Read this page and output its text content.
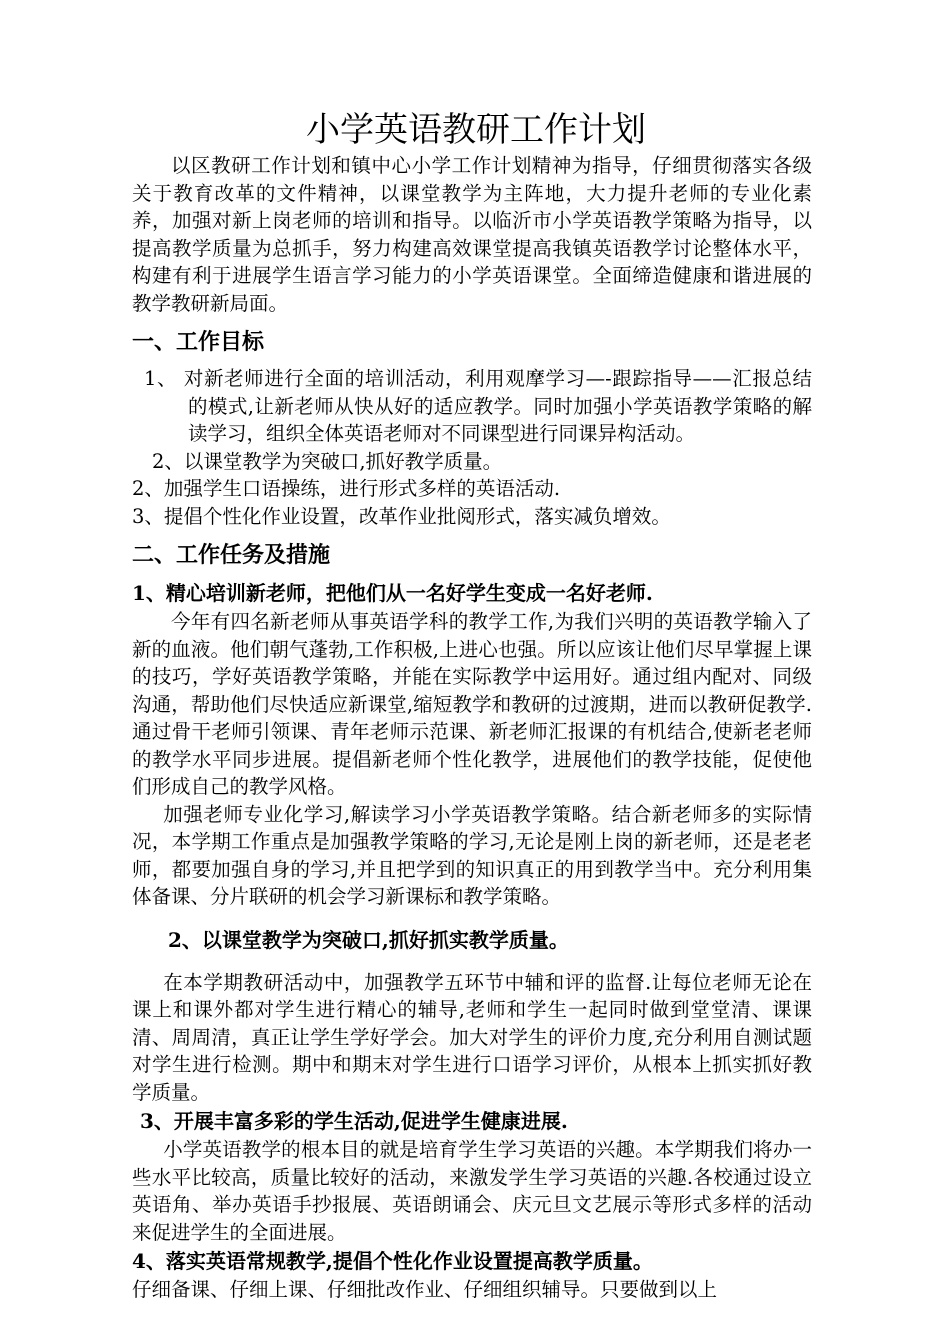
小学英语教研工作计划

以区教研工作计划和镇中心小学工作计划精神为指导，仔细贯彻落实各级关于教育改革的文件精神，以课堂教学为主阵地，大力提升老师的专业化素养，加强对新上岗老师的培训和指导。以临沂市小学英语教学策略为指导，以提高教学质量为总抓手，努力构建高效课堂提高我镇英语教学讨论整体水平，构建有利于进展学生语言学习能力的小学英语课堂。全面缔造健康和谐进展的教学教研新局面。

一、工作目标

1、 对新老师进行全面的培训活动，利用观摩学习—-跟踪指导——汇报总结的模式,让新老师从快从好的适应教学。同时加强小学英语教学策略的解读学习，组织全体英语老师对不同课型进行同课异构活动。

2、以课堂教学为突破口,抓好教学质量。

2、加强学生口语操练，进行形式多样的英语活动.

3、提倡个性化作业设置，改革作业批阅形式，落实减负增效。

二、工作任务及措施

1、精心培训新老师，把他们从一名好学生变成一名好老师.

今年有四名新老师从事英语学科的教学工作,为我们兴明的英语教学输入了新的血液。他们朝气蓬勃,工作积极,上进心也强。所以应该让他们尽早掌握上课的技巧，学好英语教学策略，并能在实际教学中运用好。通过组内配对、同级沟通，帮助他们尽快适应新课堂,缩短教学和教研的过渡期，进而以教研促教学.通过骨干老师引领课、青年老师示范课、新老师汇报课的有机结合,使新老老师的教学水平同步进展。提倡新老师个性化教学，进展他们的教学技能，促使他们形成自己的教学风格。

加强老师专业化学习,解读学习小学英语教学策略。结合新老师多的实际情况，本学期工作重点是加强教学策略的学习,无论是刚上岗的新老师，还是老老师，都要加强自身的学习,并且把学到的知识真正的用到教学当中。充分利用集体备课、分片联研的机会学习新课标和教学策略。

2、以课堂教学为突破口,抓好抓实教学质量。

在本学期教研活动中，加强教学五环节中辅和评的监督.让每位老师无论在课上和课外都对学生进行精心的辅导,老师和学生一起同时做到堂堂清、课课清、周周清，真正让学生学好学会。加大对学生的评价力度,充分利用自测试题对学生进行检测。期中和期末对学生进行口语学习评价，从根本上抓实抓好教学质量。

3、开展丰富多彩的学生活动,促进学生健康进展.

小学英语教学的根本目的就是培育学生学习英语的兴趣。本学期我们将办一些水平比较高，质量比较好的活动，来激发学生学习英语的兴趣.各校通过设立英语角、举办英语手抄报展、英语朗诵会、庆元旦文艺展示等形式多样的活动来促进学生的全面进展。

4、落实英语常规教学,提倡个性化作业设置提高教学质量。

仔细备课、仔细上课、仔细批改作业、仔细组织辅导。只要做到以上
